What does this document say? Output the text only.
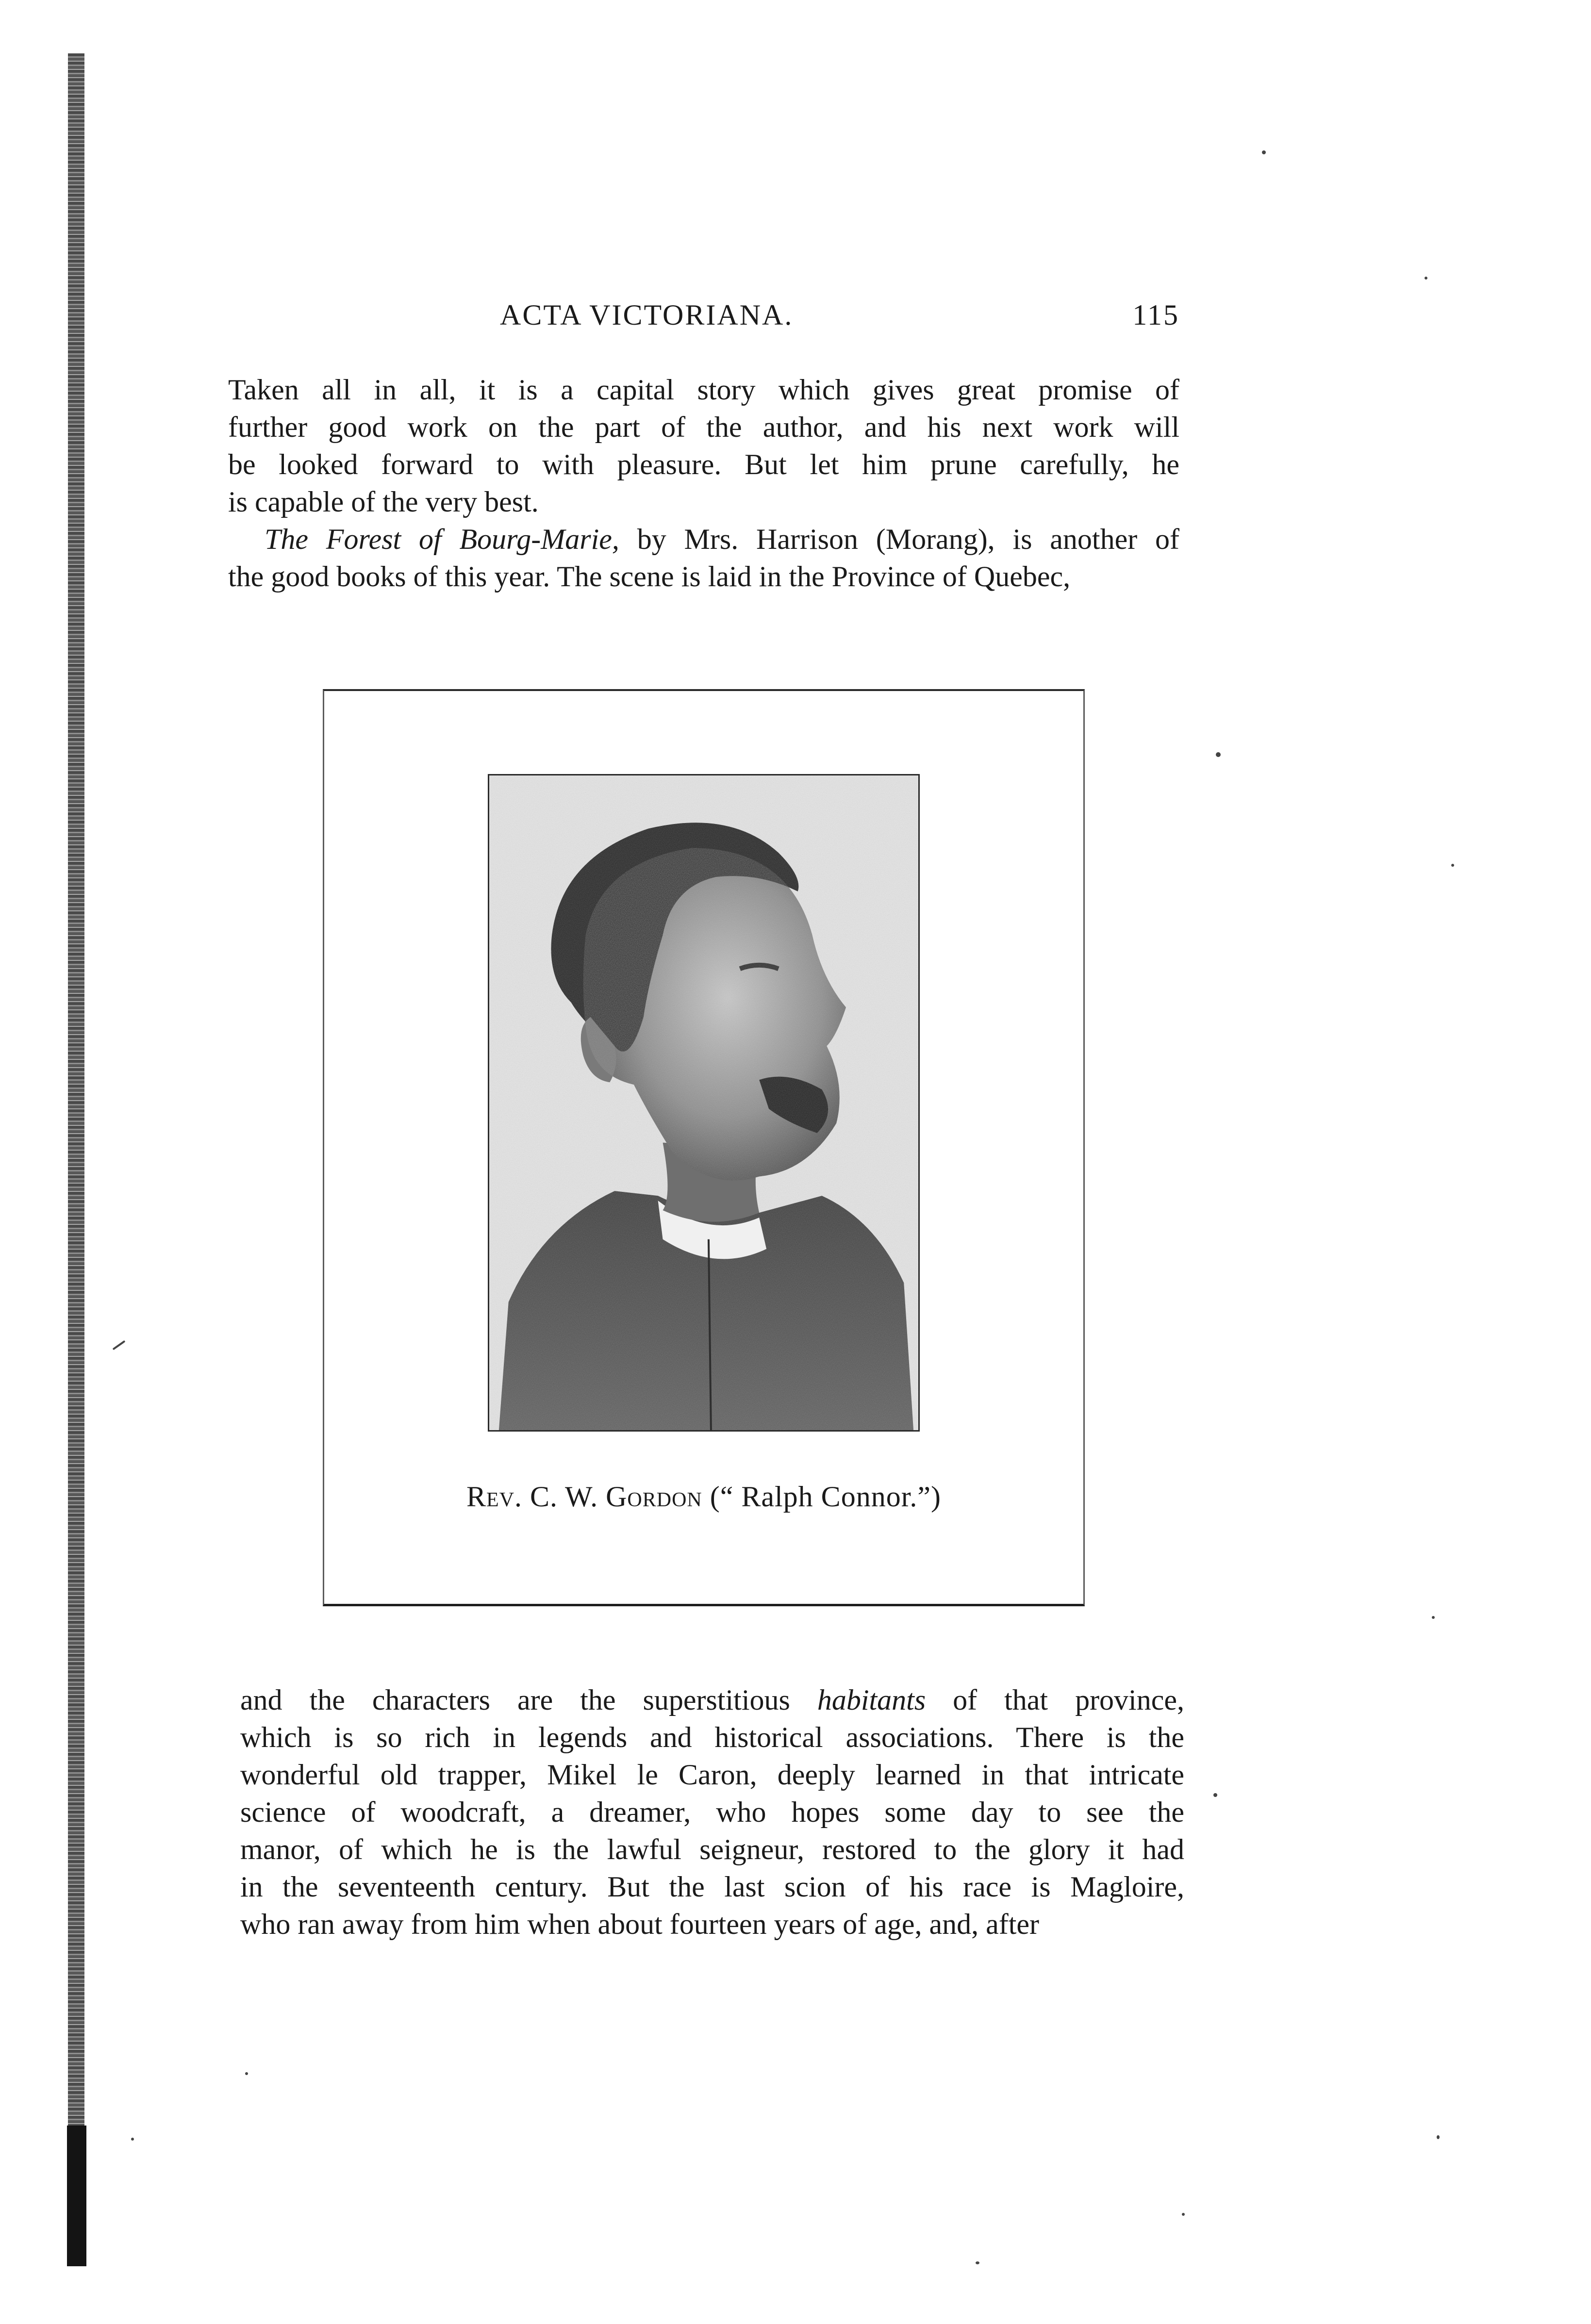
ACTA VICTORIANA.	115
Taken all in all, it is a capital story which gives great promise of
further good work on the part of the author, and his next work will
be looked forward to with pleasure. But let him prune carefully, he
is capable of the very best.
The Forest of Bourg-Marie, by Mrs. Harrison (Morang), is another of
the good books of this year. The scene is laid in the Province of Quebec,
Rev. C. W. Gordon (“ Ralph Connor.”)
and the characters are the superstitious habitants of that province,
which is so rich in legends and historical associations. There is the
wonderful old trapper, Mikel le Caron, deeply learned in that intricate
science of woodcraft, a dreamer, who hopes some day to see the
manor, of which he is the lawful seigneur, restored to the glory it had
in the seventeenth century. But the last scion of his race is Magloire,
who ran away from him when about fourteen years of age, and, after
